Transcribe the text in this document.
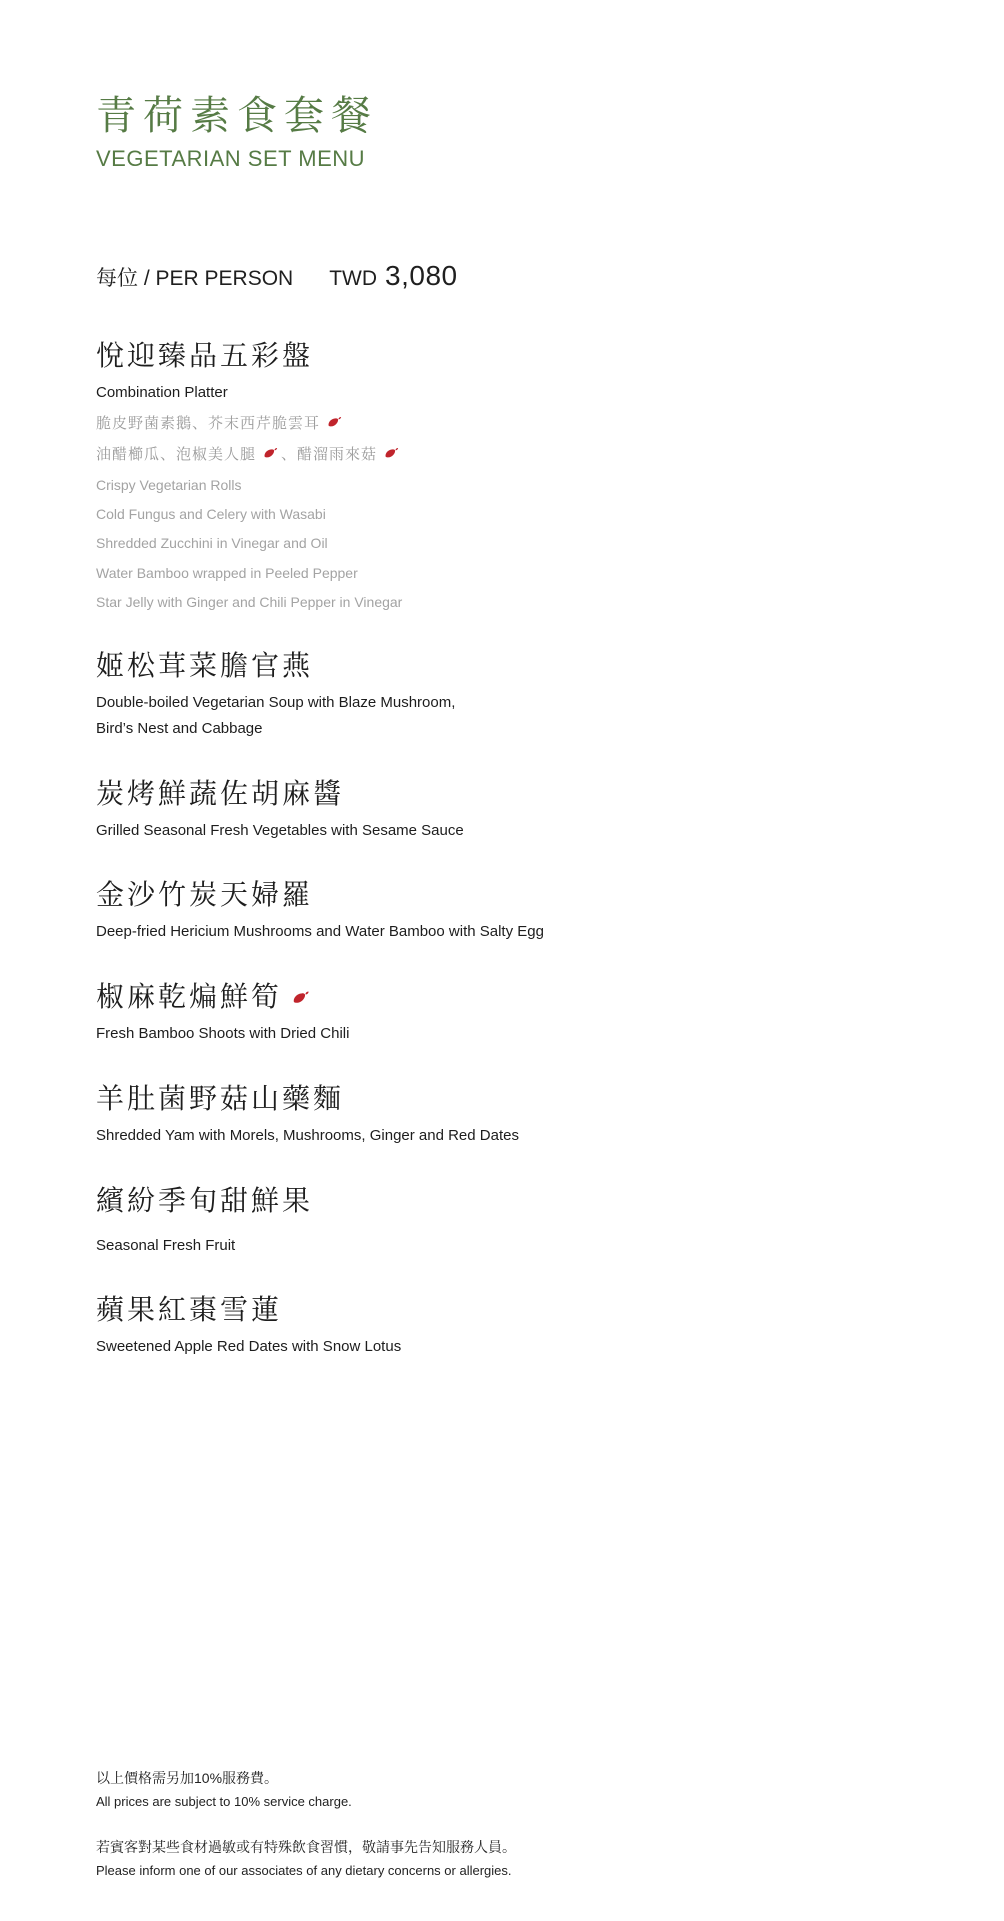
青荷素食套餐
VEGETARIAN SET MENU
每位 / PER PERSON TWD 3,080
悅迎臻品五彩盤
Combination Platter
脆皮野菌素鵝、芥末西芹脆雲耳
油醋櫛瓜、泡椒美人腿 、醋溜雨來菇
Crispy Vegetarian Rolls
Cold Fungus and Celery with Wasabi
Shredded Zucchini in Vinegar and Oil
Water Bamboo wrapped in Peeled Pepper
Star Jelly with Ginger and Chili Pepper in Vinegar
姬松茸菜膽官燕
Double-boiled Vegetarian Soup with Blaze Mushroom,
Bird’s Nest and Cabbage
炭烤鮮蔬佐胡麻醬
Grilled Seasonal Fresh Vegetables with Sesame Sauce
金沙竹炭天婦羅
Deep-fried Hericium Mushrooms and Water Bamboo with Salty Egg
椒麻乾煸鮮筍
Fresh Bamboo Shoots with Dried Chili
羊肚菌野菇山藥麵
Shredded Yam with Morels, Mushrooms, Ginger and Red Dates
繽紛季旬甜鮮果
Seasonal Fresh Fruit
蘋果紅棗雪蓮
Sweetened Apple Red Dates with Snow Lotus
以上價格需另加10%服務費。
All prices are subject to 10% service charge.
若賓客對某些食材過敏或有特殊飲食習慣，敬請事先告知服務人員。
Please inform one of our associates of any dietary concerns or allergies.
